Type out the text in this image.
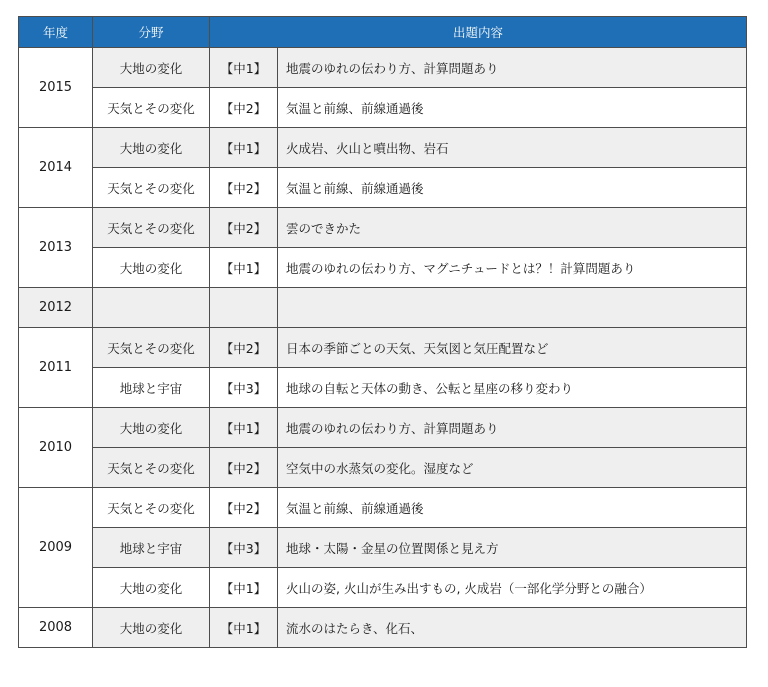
年度	分野	出題内容	
2015	大地の変化	【中1】	地震のゆれの伝わり方、計算問題あり
	天気とその変化	【中2】	気温と前線、前線通過後
2014	大地の変化	【中1】	火成岩、火山と噴出物、岩石
	天気とその変化	【中2】	気温と前線、前線通過後
2013	天気とその変化	【中2】	雲のできかた
	大地の変化	【中1】	地震のゆれの伝わり方、マグニチュードとは？！計算問題あり
2012			
2011	天気とその変化	【中2】	日本の季節ごとの天気、天気図と気圧配置など
	地球と宇宙	【中3】	地球の自転と天体の動き、公転と星座の移り変わり
2010	大地の変化	【中1】	地震のゆれの伝わり方、計算問題あり
	天気とその変化	【中2】	空気中の水蒸気の変化。湿度など
2009	天気とその変化	【中2】	気温と前線、前線通過後
	地球と宇宙	【中3】	地球・太陽・金星の位置関係と見え方
	大地の変化	【中1】	火山の姿, 火山が生み出すもの, 火成岩（一部化学分野との融合）
2008	大地の変化	【中1】	流水のはたらき、化石、
